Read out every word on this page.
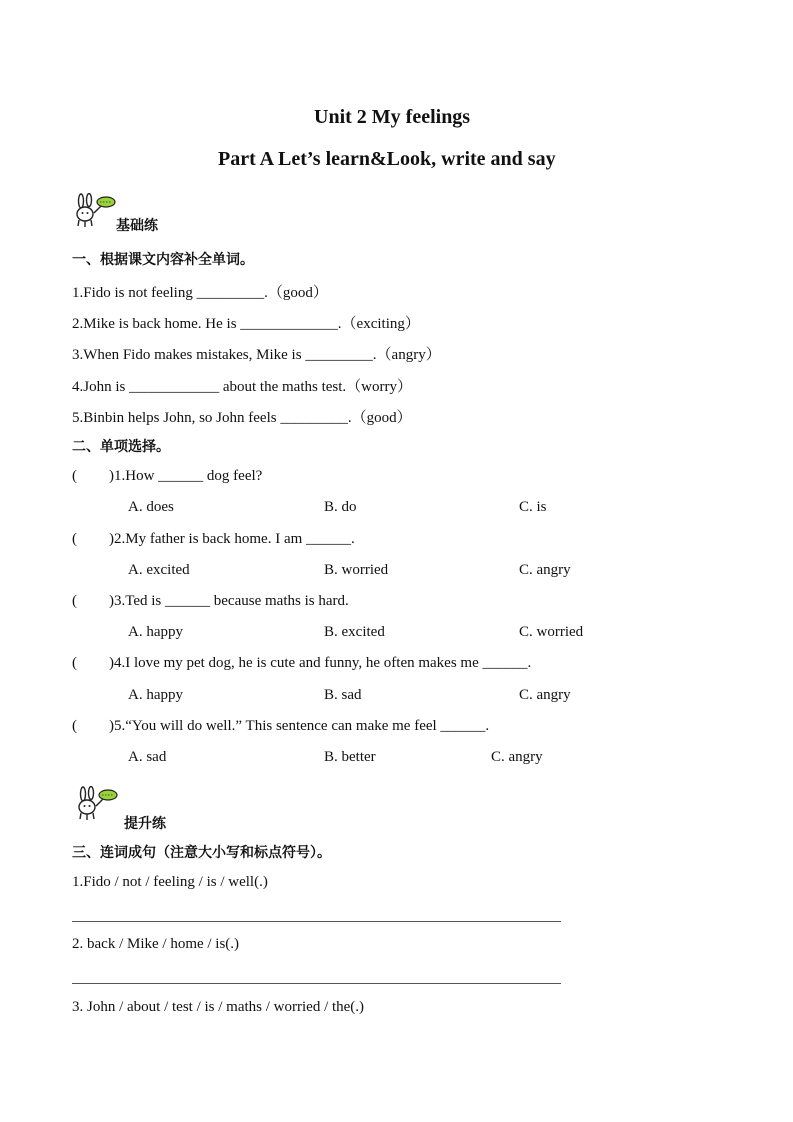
Unit 2 My feelings
Part A Let’s learn&Look, write and say
基础练
一、根据课文内容补全单词。
1.Fido is not feeling _________.（good）
2.Mike is back home. He is _____________.（exciting）
3.When Fido makes mistakes, Mike is _________.（angry）
4.John is ____________ about the maths test.（worry）
5.Binbin helps John, so John feels _________.（good）
二、单项选择。
( )1.How ______ dog feel?
A. does	B. do	C. is
( )2.My father is back home. I am ______.
A. excited	B. worried	C. angry
( )3.Ted is ______ because maths is hard.
A. happy	B. excited	C. worried
( )4.I love my pet dog, he is cute and funny, he often makes me ______.
A. happy	B. sad	C. angry
( )5.“You will do well.” This sentence can make me feel ______.
A. sad	B. better	C. angry
提升练
三、连词成句（注意大小写和标点符号）。
1.Fido / not / feeling / is / well(.)
2. back / Mike / home / is(.)
3. John / about / test / is / maths / worried / the(.)
